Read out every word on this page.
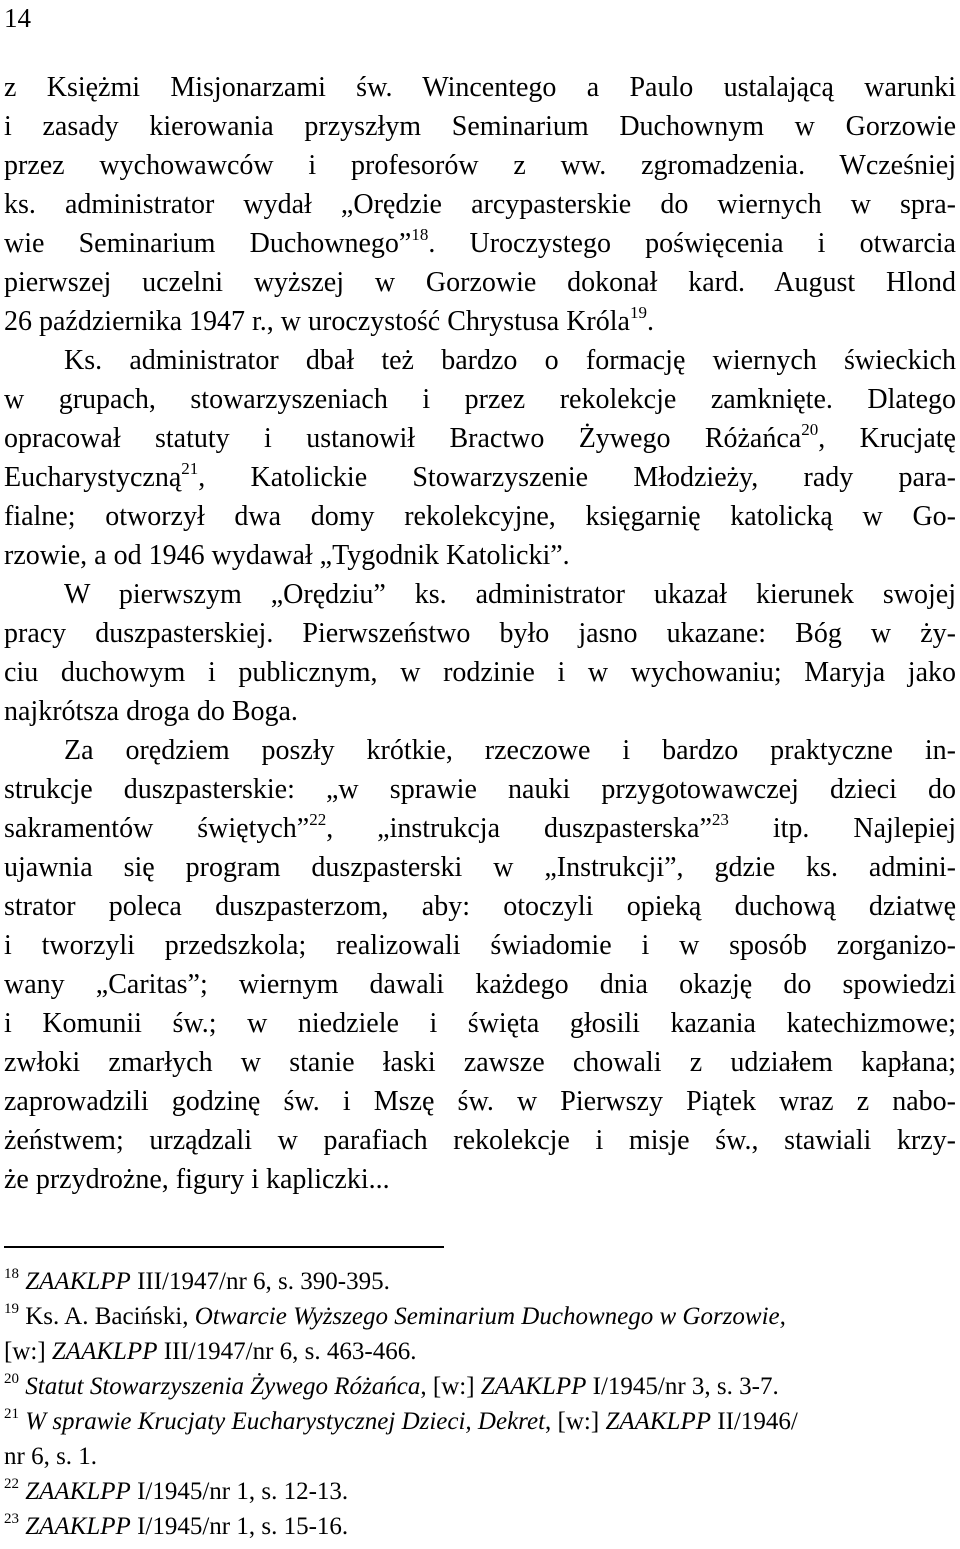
14
z Księżmi Misjonarzami św. Wincentego a Paulo ustalającą warunki
i zasady kierowania przyszłym Seminarium Duchownym w Gorzowie
przez wychowawców i profesorów z ww. zgromadzenia. Wcześniej
ks. administrator wydał „Orędzie arcypasterskie do wiernych w spra-
wie Seminarium Duchownego”$^{18}$. Uroczystego poświęcenia i otwarcia
pierwszej uczelni wyższej w Gorzowie dokonał kard. August Hlond
26 października 1947 r., w uroczystość Chrystusa Króla$^{19}$.
Ks. administrator dbał też bardzo o formację wiernych świeckich
w grupach, stowarzyszeniach i przez rekolekcje zamknięte. Dlatego
opracował statuty i ustanowił Bractwo Żywego Różańca$^{20}$, Krucjatę
Eucharystyczną$^{21}$, Katolickie Stowarzyszenie Młodzieży, rady para-
fialne; otworzył dwa domy rekolekcyjne, księgarnię katolicką w Go-
rzowie, a od 1946 wydawał „Tygodnik Katolicki”.
W pierwszym „Orędziu” ks. administrator ukazał kierunek swojej
pracy duszpasterskiej. Pierwszeństwo było jasno ukazane: Bóg w ży-
ciu duchowym i publicznym, w rodzinie i w wychowaniu; Maryja jako
najkrótsza droga do Boga.
Za orędziem poszły krótkie, rzeczowe i bardzo praktyczne in-
strukcje duszpasterskie: „w sprawie nauki przygotowawczej dzieci do
sakramentów świętych”$^{22}$, „instrukcja duszpasterska”$^{23}$ itp. Najlepiej
ujawnia się program duszpasterski w „Instrukcji”, gdzie ks. admini-
strator poleca duszpasterzom, aby: otoczyli opieką duchową dziatwę
i tworzyli przedszkola; realizowali świadomie i w sposób zorganizo-
wany „Caritas”; wiernym dawali każdego dnia okazję do spowiedzi
i Komunii św.; w niedziele i święta głosili kazania katechizmowe;
zwłoki zmarłych w stanie łaski zawsze chowali z udziałem kapłana;
zaprowadzili godzinę św. i Mszę św. w Pierwszy Piątek wraz z nabo-
żeństwem; urządzali w parafiach rekolekcje i misje św., stawiali krzy-
że przydrożne, figury i kapliczki...
$^{18}$ ZAAKLPP III/1947/nr 6, s. 390-395.
$^{19}$ Ks. A. Baciński, Otwarcie Wyższego Seminarium Duchownego w Gorzowie,
[w:] ZAAKLPP III/1947/nr 6, s. 463-466.
$^{20}$ Statut Stowarzyszenia Żywego Różańca, [w:] ZAAKLPP I/1945/nr 3, s. 3-7.
$^{21}$ W sprawie Krucjaty Eucharystycznej Dzieci, Dekret, [w:] ZAAKLPP II/1946/
nr 6, s. 1.
$^{22}$ ZAAKLPP I/1945/nr 1, s. 12-13.
$^{23}$ ZAAKLPP I/1945/nr 1, s. 15-16.
